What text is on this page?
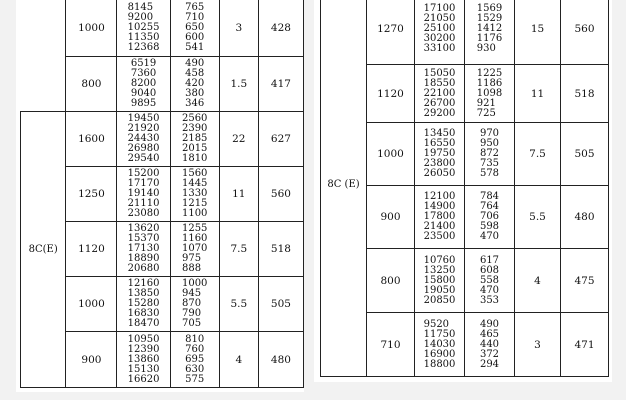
	1000	8145
9200
10255
11350
12368	765
710
650
600
541	3	428
	800	6519
7360
8200
9040
9895	490
458
420
380
346	1.5	417
8C(E)	1600	19450
21920
24430
26980
29540	2560
2390
2185
2015
1810	22	627
	1250	15200
17170
19140
21110
23080	1560
1445
1330
1215
1100	11	560
	1120	13620
15370
17130
18890
20680	1255
1160
1070
975
888	7.5	518
	1000	12160
13850
15280
16830
18470	1000
945
870
790
705	5.5	505
	900	10950
12390
13860
15130
16620	810
760
695
630
575	4	480
8C (E)	1270	17100
21050
25100
30200
33100	1569
1529
1412
1176
930	15	560
	1120	15050
18550
22100
26700
29200	1225
1186
1098
921
725	11	518
	1000	13450
16550
19750
23800
26050	970
950
872
735
578	7.5	505
	900	12100
14900
17800
21400
23500	784
764
706
598
470	5.5	480
	800	10760
13250
15800
19050
20850	617
608
558
470
353	4	475
	710	9520
11750
14030
16900
18800	490
465
440
372
294	3	471
